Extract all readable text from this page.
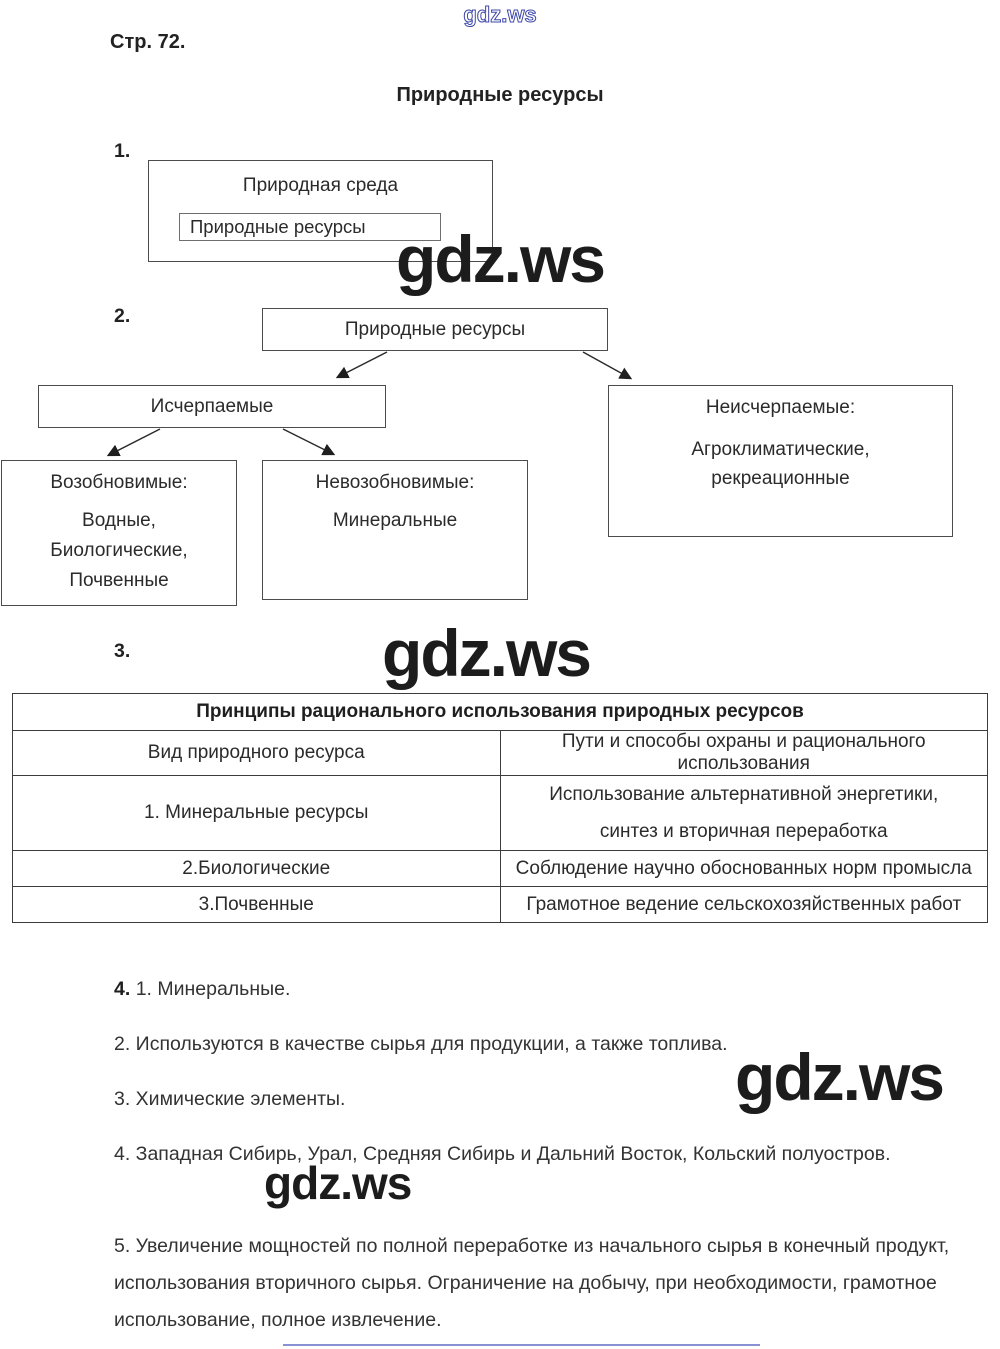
gdz.ws
Стр. 72.
Природные ресурсы
1.
Природная среда
Природные ресурсы gdz.ws
2.
Природные ресурсы
Исчерпаемые	Неисчерпаемые:
Агроклиматические,
рекреационные
Возобновимые:
Водные,
Биологические,
Почвенные
Невозобновимые:
Минеральные
3.	gdz.ws
Принципы рационального использования природных ресурсов	
Вид природного ресурса	Пути и способы охраны и рационального использования
1. Минеральные ресурсы	Использование альтернативной энергетики, синтез и вторичная переработка

2.Биологические	Соблюдение научно обоснованных норм промысла
3.Почвенные	Грамотное ведение сельскохозяйственных работ
4. 1. Минеральные.
2. Используются в качестве сырья для продукции, а также топлива.
3. Химические элементы.	gdz.ws
4. Западная Сибирь, Урал, Средняя Сибирь и Дальний Восток, Кольский полуостров.
gdz.ws
5. Увеличение мощностей по полной переработке из начального сырья в конечный продукт, использования вторичного сырья. Ограничение на добычу, при необходимости, грамотное использование, полное извлечение.
